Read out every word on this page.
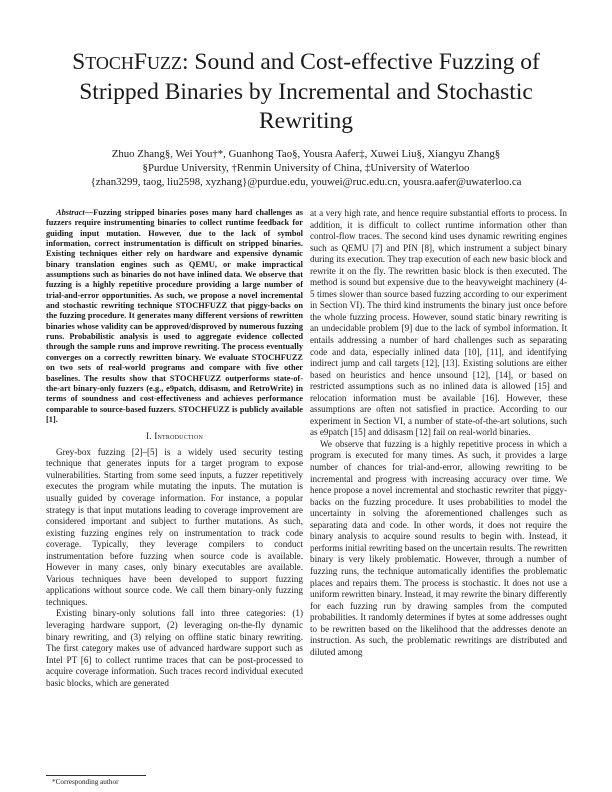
STOCHFUZZ: Sound and Cost-effective Fuzzing of Stripped Binaries by Incremental and Stochastic Rewriting
Zhuo Zhang§, Wei You†*, Guanhong Tao§, Yousra Aafer‡, Xuwei Liu§, Xiangyu Zhang§
§Purdue University, †Renmin University of China, ‡University of Waterloo
{zhan3299, taog, liu2598, xyzhang}@purdue.edu, youwei@ruc.edu.cn, yousra.aafer@uwaterloo.ca

Abstract—Fuzzing stripped binaries poses many hard challenges as fuzzers require instrumenting binaries to collect runtime feedback for guiding input mutation. However, due to the lack of symbol information, correct instrumentation is difficult on stripped binaries. Existing techniques either rely on hardware and expensive dynamic binary translation engines such as QEMU, or make impractical assumptions such as binaries do not have inlined data. We observe that fuzzing is a highly repetitive procedure providing a large number of trial-and-error opportunities. As such, we propose a novel incremental and stochastic rewriting technique STOCHFUZZ that piggy-backs on the fuzzing procedure. It generates many different versions of rewritten binaries whose validity can be approved/disproved by numerous fuzzing runs. Probabilistic analysis is used to aggregate evidence collected through the sample runs and improve rewriting. The process eventually converges on a correctly rewritten binary. We evaluate STOCHFUZZ on two sets of real-world programs and compare with five other baselines. The results show that STOCHFUZZ outperforms state-of-the-art binary-only fuzzers (e.g., e9patch, ddisasm, and RetroWrite) in terms of soundness and cost-effectiveness and achieves performance comparable to source-based fuzzers. STOCHFUZZ is publicly available [1].

I. Introduction

Grey-box fuzzing [2]–[5] is a widely used security testing technique that generates inputs for a target program to expose vulnerabilities. Starting from some seed inputs, a fuzzer repetitively executes the program while mutating the inputs. The mutation is usually guided by coverage information. For instance, a popular strategy is that input mutations leading to coverage improvement are considered important and subject to further mutations. As such, existing fuzzing engines rely on instrumentation to track code coverage. Typically, they leverage compilers to conduct instrumentation before fuzzing when source code is available. However in many cases, only binary executables are available. Various techniques have been developed to support fuzzing applications without source code. We call them binary-only fuzzing techniques.

Existing binary-only solutions fall into three categories: (1) leveraging hardware support, (2) leveraging on-the-fly dynamic binary rewriting, and (3) relying on offline static binary rewriting. The first category makes use of advanced hardware support such as Intel PT [6] to collect runtime traces that can be post-processed to acquire coverage information. Such traces record individual executed basic blocks, which are generated

at a very high rate, and hence require substantial efforts to process. In addition, it is difficult to collect runtime information other than control-flow traces. The second kind uses dynamic rewriting engines such as QEMU [7] and PIN [8], which instrument a subject binary during its execution. They trap execution of each new basic block and rewrite it on the fly. The rewritten basic block is then executed. The method is sound but expensive due to the heavyweight machinery (4-5 times slower than source based fuzzing according to our experiment in Section VI). The third kind instruments the binary just once before the whole fuzzing process. However, sound static binary rewriting is an undecidable problem [9] due to the lack of symbol information. It entails addressing a number of hard challenges such as separating code and data, especially inlined data [10], [11], and identifying indirect jump and call targets [12], [13]. Existing solutions are either based on heuristics and hence unsound [12], [14], or based on restricted assumptions such as no inlined data is allowed [15] and relocation information must be available [16]. However, these assumptions are often not satisfied in practice. According to our experiment in Section VI, a number of state-of-the-art solutions, such as e9patch [15] and ddisasm [12] fail on real-world binaries.

We observe that fuzzing is a highly repetitive process in which a program is executed for many times. As such, it provides a large number of chances for trial-and-error, allowing rewriting to be incremental and progress with increasing accuracy over time. We hence propose a novel incremental and stochastic rewriter that piggy-backs on the fuzzing procedure. It uses probabilities to model the uncertainty in solving the aforementioned challenges such as separating data and code. In other words, it does not require the binary analysis to acquire sound results to begin with. Instead, it performs initial rewriting based on the uncertain results. The rewritten binary is very likely problematic. However, through a number of fuzzing runs, the technique automatically identifies the problematic places and repairs them. The process is stochastic. It does not use a uniform rewritten binary. Instead, it may rewrite the binary differently for each fuzzing run by drawing samples from the computed probabilities. It randomly determines if bytes at some addresses ought to be rewritten based on the likelihood that the addresses denote an instruction. As such, the problematic rewritings are distributed and diluted among

*Corresponding author
